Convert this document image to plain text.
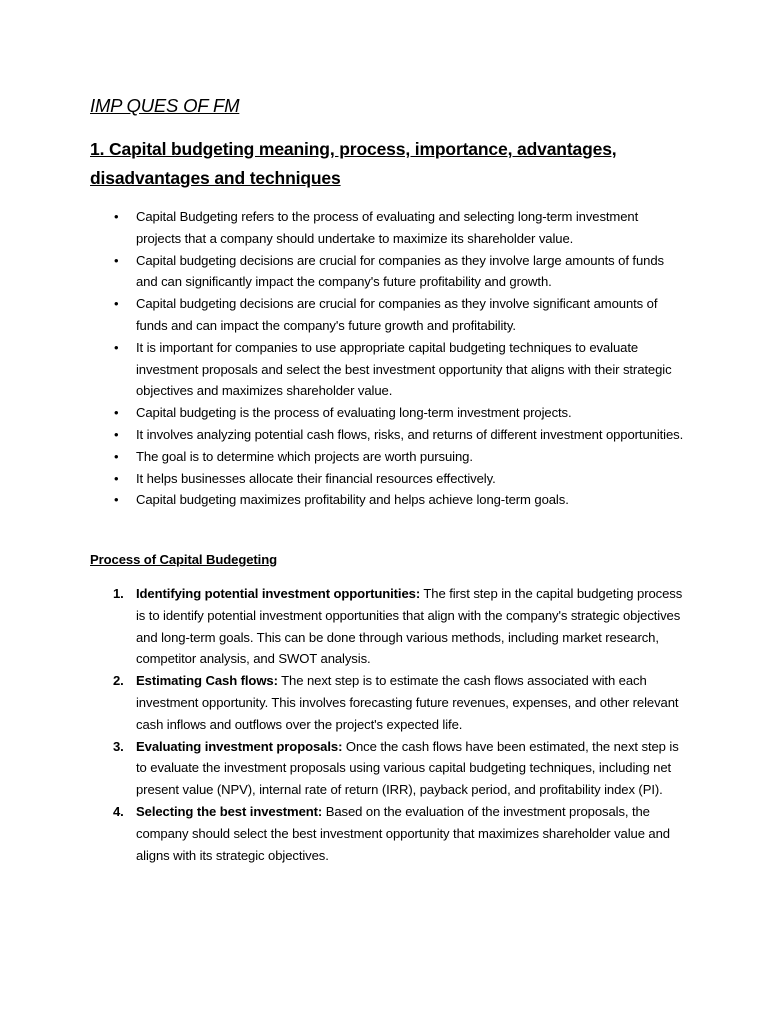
IMP QUES OF FM
1. Capital budgeting meaning, process, importance, advantages, disadvantages and techniques
• Capital Budgeting refers to the process of evaluating and selecting long-term investment projects that a company should undertake to maximize its shareholder value.
• Capital budgeting decisions are crucial for companies as they involve large amounts of funds and can significantly impact the company's future profitability and growth.
• Capital budgeting decisions are crucial for companies as they involve significant amounts of funds and can impact the company's future growth and profitability.
• It is important for companies to use appropriate capital budgeting techniques to evaluate investment proposals and select the best investment opportunity that aligns with their strategic objectives and maximizes shareholder value.
• Capital budgeting is the process of evaluating long-term investment projects.
• It involves analyzing potential cash flows, risks, and returns of different investment opportunities.
• The goal is to determine which projects are worth pursuing.
• It helps businesses allocate their financial resources effectively.
• Capital budgeting maximizes profitability and helps achieve long-term goals.
Process of Capital Budegeting
1. Identifying potential investment opportunities: The first step in the capital budgeting process is to identify potential investment opportunities that align with the company's strategic objectives and long-term goals. This can be done through various methods, including market research, competitor analysis, and SWOT analysis.
2. Estimating Cash flows: The next step is to estimate the cash flows associated with each investment opportunity. This involves forecasting future revenues, expenses, and other relevant cash inflows and outflows over the project's expected life.
3. Evaluating investment proposals: Once the cash flows have been estimated, the next step is to evaluate the investment proposals using various capital budgeting techniques, including net present value (NPV), internal rate of return (IRR), payback period, and profitability index (PI).
4. Selecting the best investment: Based on the evaluation of the investment proposals, the company should select the best investment opportunity that maximizes shareholder value and aligns with its strategic objectives.
